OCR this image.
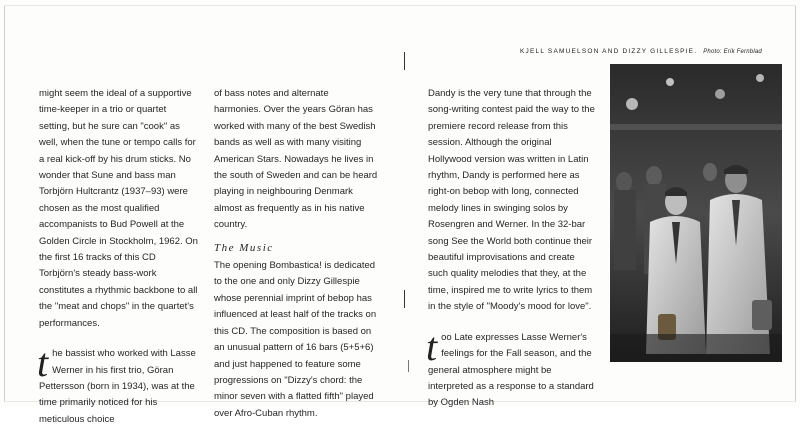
might seem the ideal of a supportive time-keeper in a trio or quartet setting, but he sure can "cook" as well, when the tune or tempo calls for a real kick-off by his drum sticks. No wonder that Sune and bass man Torbjörn Hultcrantz (1937–93) were chosen as the most qualified accompanists to Bud Powell at the Golden Circle in Stockholm, 1962. On the first 16 tracks of this CD Torbjörn's steady bass-work constitutes a rhythmic backbone to all the "meat and chops" in the quartet's performances.

the bassist who worked with Lasse Werner in his first trio, Göran Pettersson (born in 1934), was at the time primarily noticed for his meticulous choice

of bass notes and alternate harmonies. Over the years Göran has worked with many of the best Swedish bands as well as with many visiting American Stars. Nowadays he lives in the south of Sweden and can be heard playing in neighbouring Denmark almost as frequently as in his native country.

The Music

The opening Bombastica! is dedicated to the one and only Dizzy Gillespie whose perennial imprint of bebop has influenced at least half of the tracks on this CD. The composition is based on an unusual pattern of 16 bars (5+5+6) and just happened to feature some progressions on "Dizzy's chord: the minor seven with a flatted fifth" played over Afro-Cuban rhythm.

KJELL SAMUELSON AND DIZZY GILLESPIE. Photo: Erik Fernblad

Dandy is the very tune that through the song-writing contest paid the way to the premiere record release from this session. Although the original Hollywood version was written in Latin rhythm, Dandy is performed here as right-on bebop with long, connected melody lines in swinging solos by Rosengren and Werner. In the 32-bar song See the World both continue their beautiful improvisations and create such quality melodies that they, at the time, inspired me to write lyrics to them in the style of "Moody's mood for love".

too Late expresses Lasse Werner's feelings for the Fall season, and the general atmosphere might be interpreted as a response to a standard by Ogden Nash
